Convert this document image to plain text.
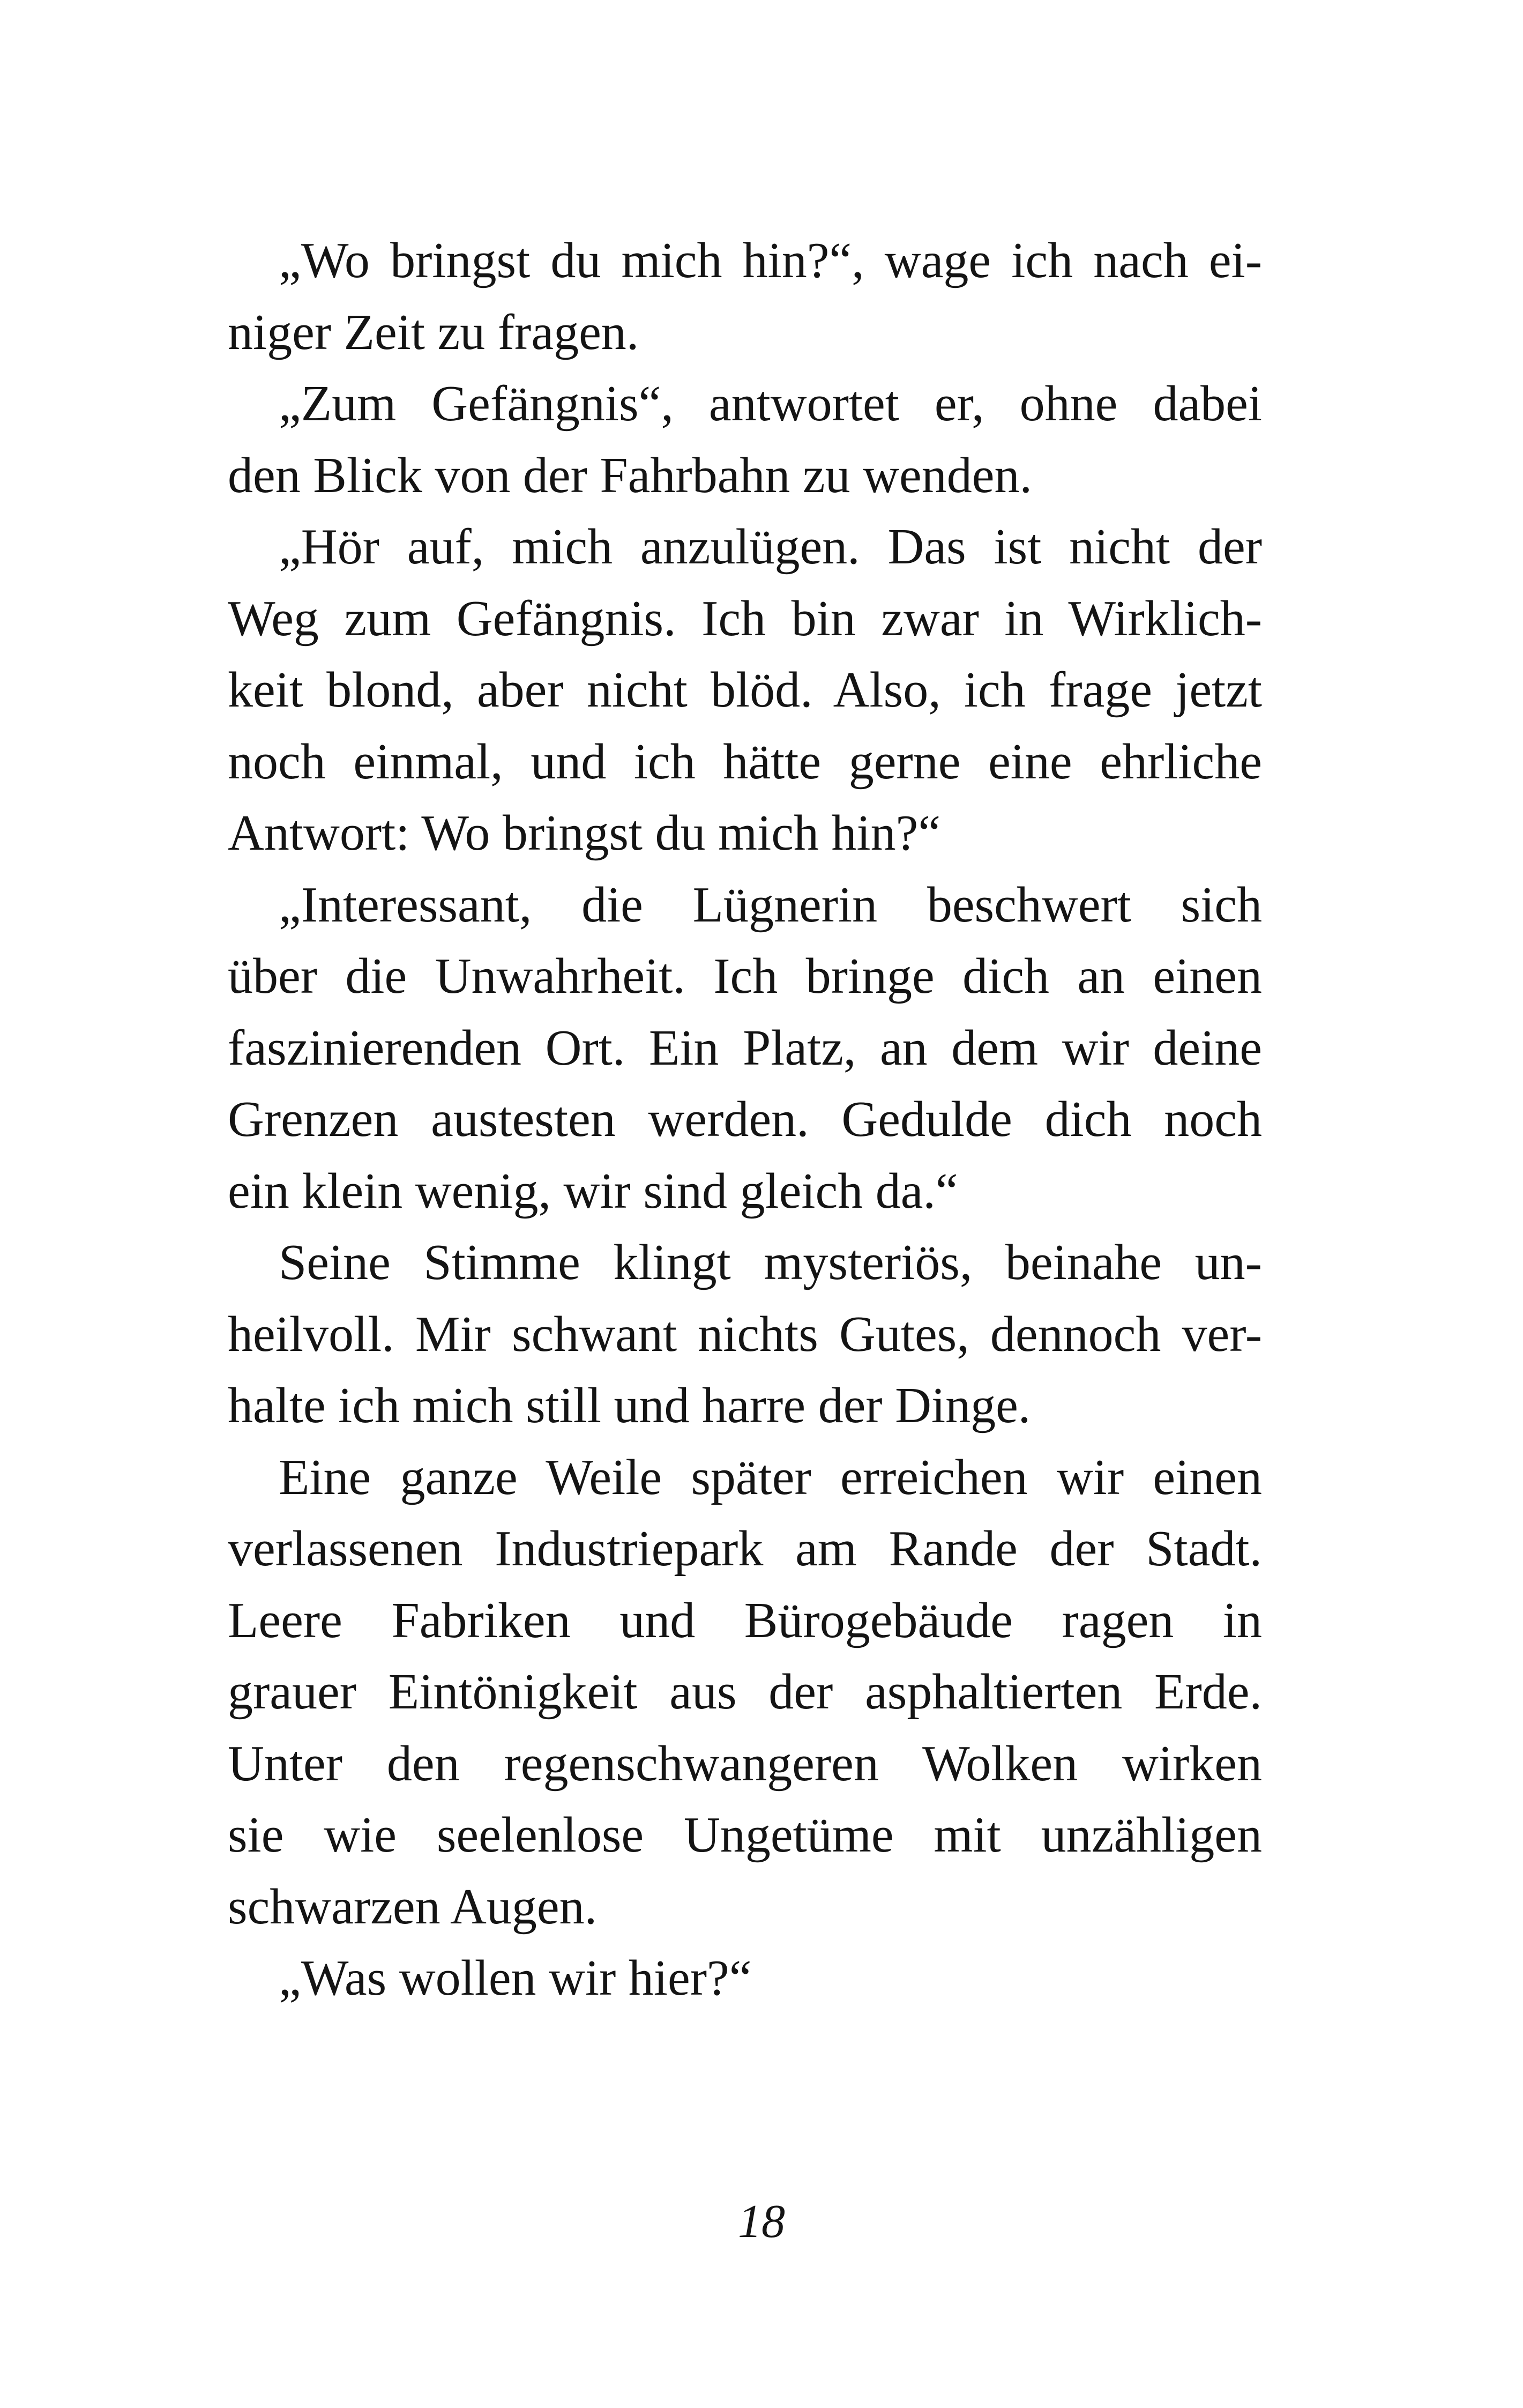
„Wo bringst du mich hin?“, wage ich nach ei-
niger Zeit zu fragen.
„Zum Gefängnis“, antwortet er, ohne dabei
den Blick von der Fahrbahn zu wenden.
„Hör auf, mich anzulügen. Das ist nicht der
Weg zum Gefängnis. Ich bin zwar in Wirklich-
keit blond, aber nicht blöd. Also, ich frage jetzt
noch einmal, und ich hätte gerne eine ehrliche
Antwort: Wo bringst du mich hin?“
„Interessant, die Lügnerin beschwert sich
über die Unwahrheit. Ich bringe dich an einen
faszinierenden Ort. Ein Platz, an dem wir deine
Grenzen austesten werden. Gedulde dich noch
ein klein wenig, wir sind gleich da.“
Seine Stimme klingt mysteriös, beinahe un-
heilvoll. Mir schwant nichts Gutes, dennoch ver-
halte ich mich still und harre der Dinge.
Eine ganze Weile später erreichen wir einen
verlassenen Industriepark am Rande der Stadt.
Leere Fabriken und Bürogebäude ragen in
grauer Eintönigkeit aus der asphaltierten Erde.
Unter den regenschwangeren Wolken wirken
sie wie seelenlose Ungetüme mit unzähligen
schwarzen Augen.
„Was wollen wir hier?“
18
